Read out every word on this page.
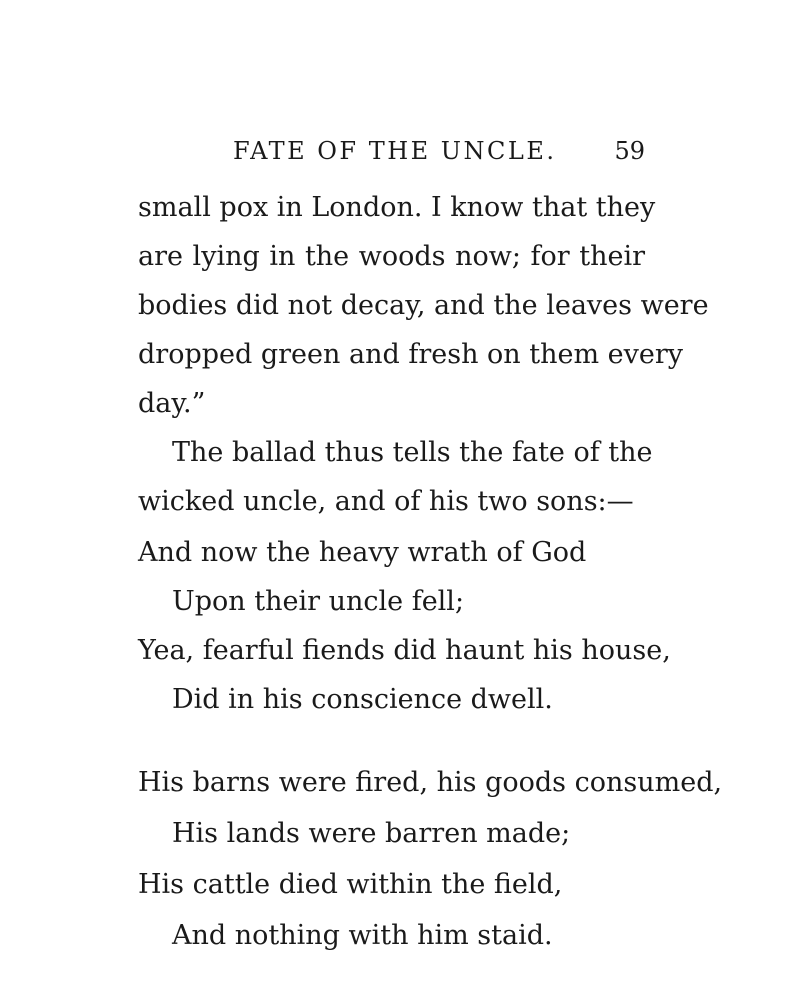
FATE OF THE UNCLE. 59
small pox in London. I know that they
are lying in the woods now; for their
bodies did not decay, and the leaves were
dropped green and fresh on them every
day.”
The ballad thus tells the fate of the
wicked uncle, and of his two sons:—
And now the heavy wrath of God
Upon their uncle fell;
Yea, fearful fiends did haunt his house,
Did in his conscience dwell.
His barns were fired, his goods consumed,
His lands were barren made;
His cattle died within the field,
And nothing with him staid.
